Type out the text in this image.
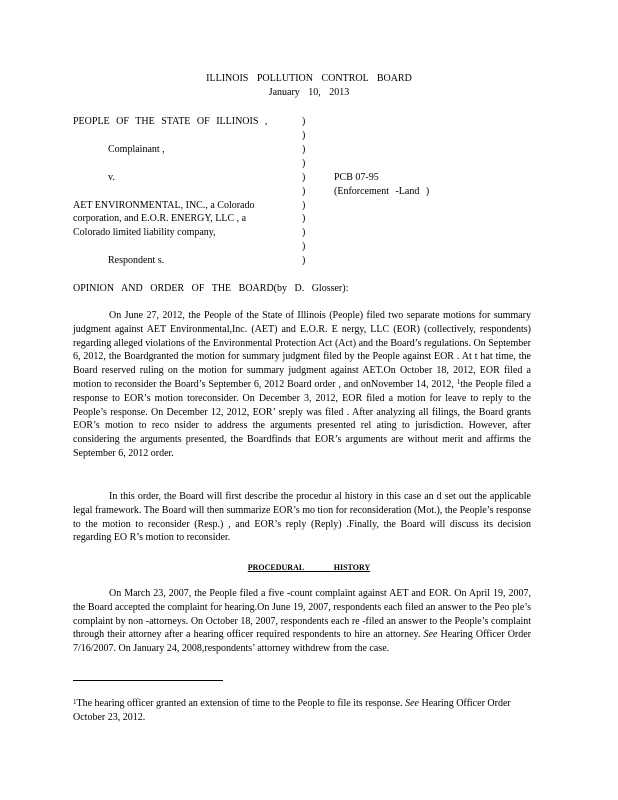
ILLINOIS POLLUTION CONTROL BOARD
January 10, 2013
PEOPLE OF THE STATE OF ILLINOIS ,
Complainant ,
v.
AET ENVIRONMENTAL, INC., a Colorado
corporation, and E.O.R. ENERGY, LLC , a
Colorado limited liability company,
Respondent s.
)
)
)
)
)
)
)
)
)
)
)
PCB 07-95
(Enforcement -Land )
OPINION AND ORDER OF THE BOARD(by D. Glosser):
On June 27, 2012, the People of the State of Illinois (People) filed two separate motions for summary judgment against AET Environmental,Inc. (AET) and E.O.R. E nergy, LLC (EOR) (collectively, respondents) regarding alleged violations of the Environmental Protection Act (Act) and the Board’s regulations. On September 6, 2012, the Boardgranted the motion for summary judgment filed by the People against EOR . At t hat time, the Board reserved ruling on the motion for summary judgment against AET.On October 18, 2012, EOR filed a motion to reconsider the Board’s September 6, 2012 Board order , and onNovember 14, 2012, $^1$the People filed a response to EOR’s motion toreconsider. On December 3, 2012, EOR filed a motion for leave to reply to the People’s response. On December 12, 2012, EOR’ sreply was filed . After analyzing all filings, the Board grants EOR’s motion to reco nsider to address the arguments presented rel ating to jurisdiction. However, after considering the arguments presented, the Boardfinds that EOR’s arguments are without merit and affirms the September 6, 2012 order.
In this order, the Board will first describe the procedur al history in this case an d set out the applicable legal framework. The Board will then summarize EOR’s mo tion for reconsideration (Mot.), the People’s response to the motion to reconsider (Resp.) , and EOR’s reply (Reply) .Finally, the Board will discuss its decision regarding EO R’s motion to reconsider.
PROCEDURAL HISTORY
On March 23, 2007, the People filed a five -count complaint against AET and EOR. On April 19, 2007, the Board accepted the complaint for hearing.On June 19, 2007, respondents each filed an answer to the Peo ple’s complaint by non -attorneys. On October 18, 2007, respondents each re -filed an answer to the People’s complaint through their attorney after a hearing officer required respondents to hire an attorney. See Hearing Officer Order 7/16/2007. On January 24, 2008,respondents’ attorney withdrew from the case.
$^1$The hearing officer granted an extension of time to the People to file its response. See Hearing Officer Order October 23, 2012.
